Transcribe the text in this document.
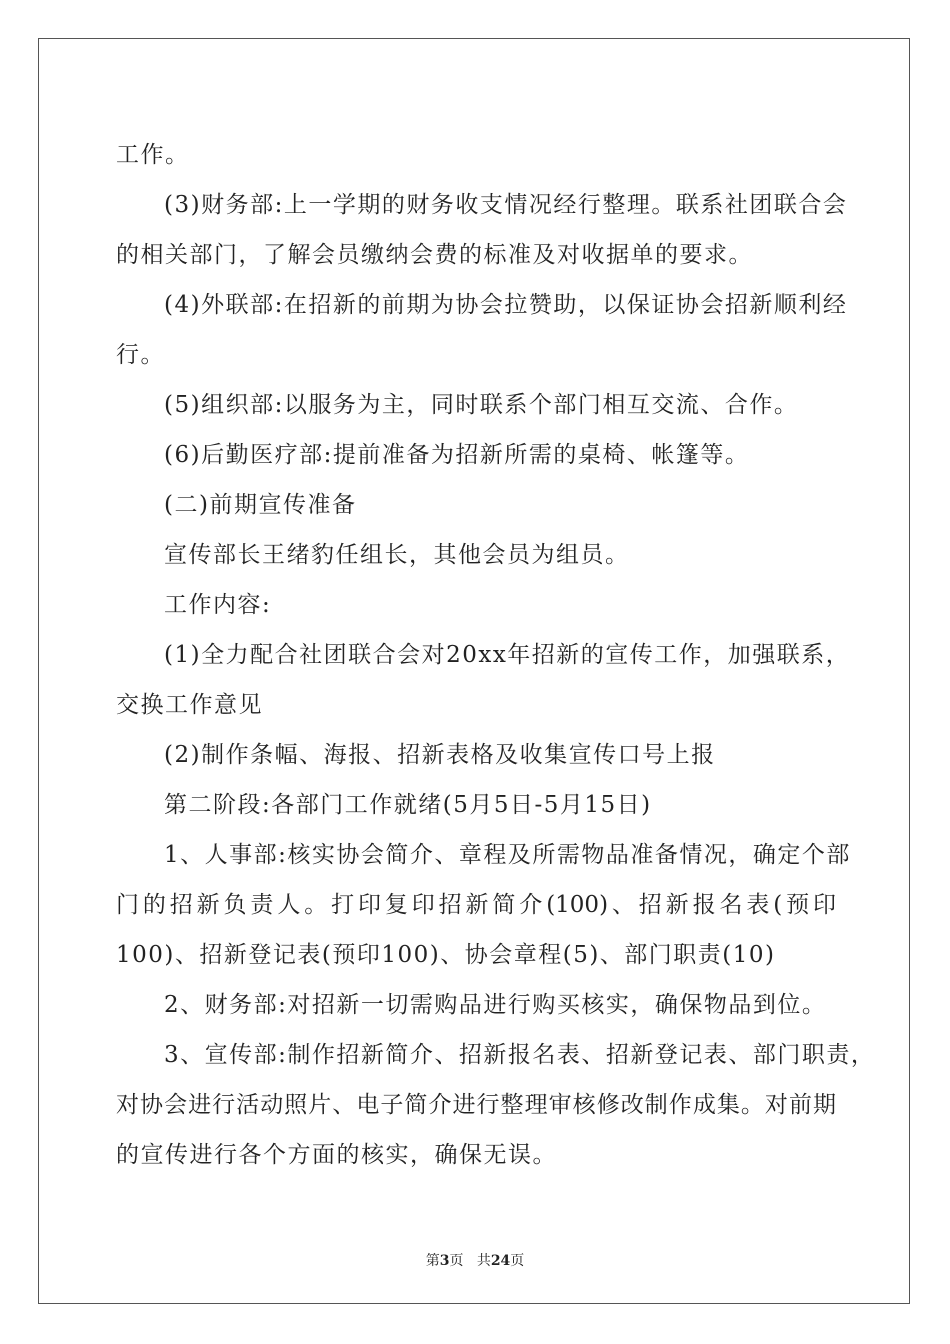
工作。
(3)财务部:上一学期的财务收支情况经行整理。联系社团联合会
的相关部门，了解会员缴纳会费的标准及对收据单的要求。
(4)外联部:在招新的前期为协会拉赞助，以保证协会招新顺利经
行。
(5)组织部:以服务为主，同时联系个部门相互交流、合作。
(6)后勤医疗部:提前准备为招新所需的桌椅、帐篷等。
(二)前期宣传准备
宣传部长王绪豹任组长，其他会员为组员。
工作内容:
(1)全力配合社团联合会对20xx年招新的宣传工作，加强联系，
交换工作意见
(2)制作条幅、海报、招新表格及收集宣传口号上报
第二阶段:各部门工作就绪(5月5日-5月15日)
1、人事部:核实协会简介、章程及所需物品准备情况，确定个部
门的招新负责人。打印复印招新简介(100)、招新报名表(预印
100)、招新登记表(预印100)、协会章程(5)、部门职责(10)
2、财务部:对招新一切需购品进行购买核实，确保物品到位。
3、宣传部:制作招新简介、招新报名表、招新登记表、部门职责，
对协会进行活动照片、电子简介进行整理审核修改制作成集。对前期
的宣传进行各个方面的核实，确保无误。
第3页 共24页
